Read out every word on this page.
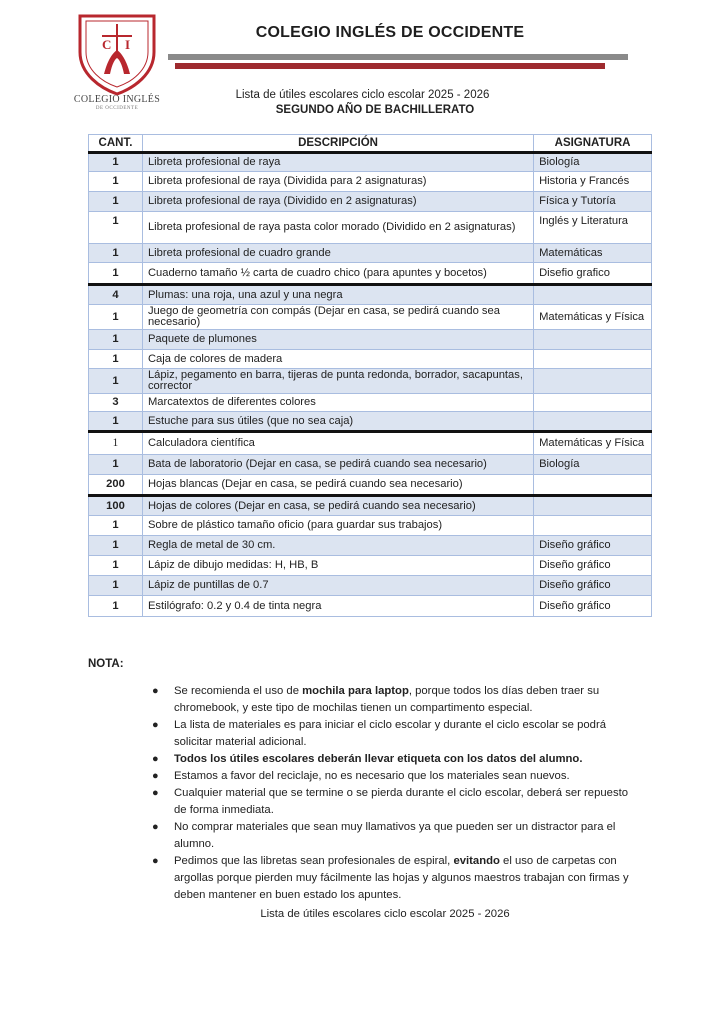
C I
COLEGIO INGLÉS
DE OCCIDENTE
COLEGIO INGLÉS DE OCCIDENTE
Lista de útiles escolares ciclo escolar 2025 - 2026
SEGUNDO AÑO DE BACHILLERATO
CANT.	DESCRIPCIÓN	ASIGNATURA
1	Libreta profesional de raya	Biología
1	Libreta profesional de raya (Dividida para 2 asignaturas)	Historia y Francés
1	Libreta profesional de raya (Dividido en 2 asignaturas)	Física y Tutoría
1	Libreta profesional de raya pasta color morado (Dividido en 2 asignaturas)	Inglés y Literatura
1	Libreta profesional de cuadro grande	Matemáticas
1	Cuaderno tamaño ½ carta de cuadro chico (para apuntes y bocetos)	Disefio grafico
4	Plumas: una roja, una azul y una negra	
1	Juego de geometría con compás (Dejar en casa, se pedirá cuando sea necesario)	Matemáticas y Física
1	Paquete de plumones	
1	Caja de colores de madera	
1	Lápiz, pegamento en barra, tijeras de punta redonda, borrador, sacapuntas, corrector	
3	Marcatextos de diferentes colores	
1	Estuche para sus útiles (que no sea caja)	
1	Calculadora científica	Matemáticas y Física
1	Bata de laboratorio (Dejar en casa, se pedirá cuando sea necesario)	Biología
200	Hojas blancas (Dejar en casa, se pedirá cuando sea necesario)	
100	Hojas de colores (Dejar en casa, se pedirá cuando sea necesario)	
1	Sobre de plástico tamaño oficio (para guardar sus trabajos)	
1	Regla de metal de 30 cm.	Diseño gráfico
1	Lápiz de dibujo medidas: H, HB, B	Diseño gráfico
1	Lápiz de puntillas de 0.7	Diseño gráfico
1	Estilógrafo: 0.2 y 0.4 de tinta negra	Diseño gráfico
NOTA:
● Se recomienda el uso de mochila para laptop, porque todos los días deben traer su chromebook, y este tipo de mochilas tienen un compartimento especial.
● La lista de materiales es para iniciar el ciclo escolar y durante el ciclo escolar se podrá solicitar material adicional.
● Todos los útiles escolares deberán llevar etiqueta con los datos del alumno.
● Estamos a favor del reciclaje, no es necesario que los materiales sean nuevos.
● Cualquier material que se termine o se pierda durante el ciclo escolar, deberá ser repuesto de forma inmediata.
● No comprar materiales que sean muy llamativos ya que pueden ser un distractor para el alumno.
● Pedimos que las libretas sean profesionales de espiral, evitando el uso de carpetas con argollas porque pierden muy fácilmente las hojas y algunos maestros trabajan con firmas y deben mantener en buen estado los apuntes.
Lista de útiles escolares ciclo escolar 2025 - 2026
